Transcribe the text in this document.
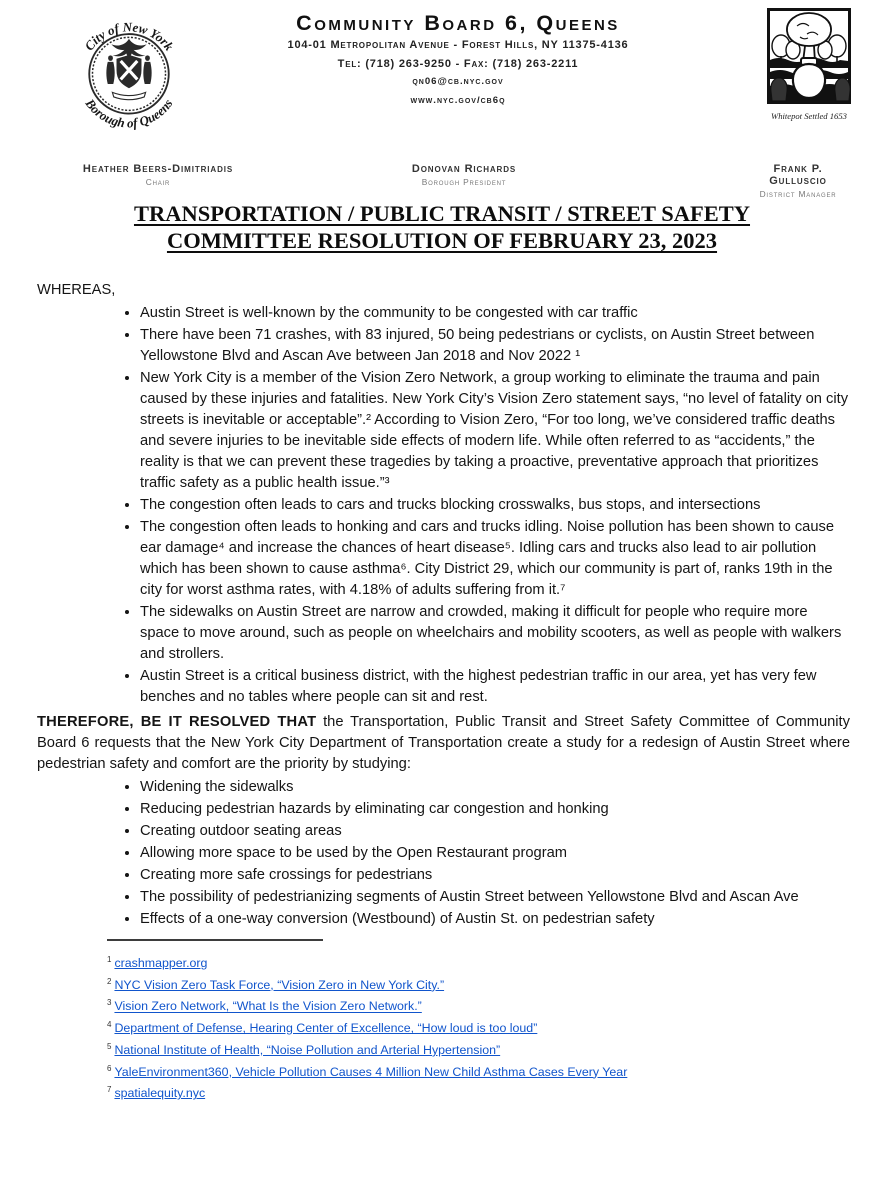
City of New York
Borough of Queens
Community Board 6, Queens
104-01 Metropolitan Avenue - Forest Hills, NY 11375-4136
Tel: (718) 263-9250 - Fax: (718) 263-2211
qn06@cb.nyc.gov
www.nyc.gov/cb6q
Whitepot Settled 1653
Heather Beers-Dimitriadis
Chair
Donovan Richards
Borough President
Frank P. Gulluscio
District Manager
TRANSPORTATION / PUBLIC TRANSIT / STREET SAFETY
COMMITTEE RESOLUTION OF FEBRUARY 23, 2023
WHEREAS,
• Austin Street is well-known by the community to be congested with car traffic
• There have been 71 crashes, with 83 injured, 50 being pedestrians or cyclists, on Austin Street between Yellowstone Blvd and Ascan Ave between Jan 2018 and Nov 2022 ¹
• New York City is a member of the Vision Zero Network, a group working to eliminate the trauma and pain caused by these injuries and fatalities. New York City’s Vision Zero statement says, “no level of fatality on city streets is inevitable or acceptable”.² According to Vision Zero, “For too long, we’ve considered traffic deaths and severe injuries to be inevitable side effects of modern life. While often referred to as “accidents,” the reality is that we can prevent these tragedies by taking a proactive, preventative approach that prioritizes traffic safety as a public health issue.”³
• The congestion often leads to cars and trucks blocking crosswalks, bus stops, and intersections
• The congestion often leads to honking and cars and trucks idling. Noise pollution has been shown to cause ear damage⁴ and increase the chances of heart disease⁵. Idling cars and trucks also lead to air pollution which has been shown to cause asthma⁶. City District 29, which our community is part of, ranks 19th in the city for worst asthma rates, with 4.18% of adults suffering from it.⁷
• The sidewalks on Austin Street are narrow and crowded, making it difficult for people who require more space to move around, such as people on wheelchairs and mobility scooters, as well as people with walkers and strollers.
• Austin Street is a critical business district, with the highest pedestrian traffic in our area, yet has very few benches and no tables where people can sit and rest.

THEREFORE, BE IT RESOLVED THAT the Transportation, Public Transit and Street Safety Committee of Community Board 6 requests that the New York City Department of Transportation create a study for a redesign of Austin Street where pedestrian safety and comfort are the priority by studying:

• Widening the sidewalks
• Reducing pedestrian hazards by eliminating car congestion and honking
• Creating outdoor seating areas
• Allowing more space to be used by the Open Restaurant program
• Creating more safe crossings for pedestrians
• The possibility of pedestrianizing segments of Austin Street between Yellowstone Blvd and Ascan Ave
• Effects of a one-way conversion (Westbound) of Austin St. on pedestrian safety
$^1$ crashmapper.org
$^2$ NYC Vision Zero Task Force, “Vision Zero in New York City.”
$^3$ Vision Zero Network, “What Is the Vision Zero Network.”
$^4$ Department of Defense, Hearing Center of Excellence, “How loud is too loud”
$^5$ National Institute of Health, “Noise Pollution and Arterial Hypertension”
$^6$ YaleEnvironment360, Vehicle Pollution Causes 4 Million New Child Asthma Cases Every Year
$^7$ spatialequity.nyc
